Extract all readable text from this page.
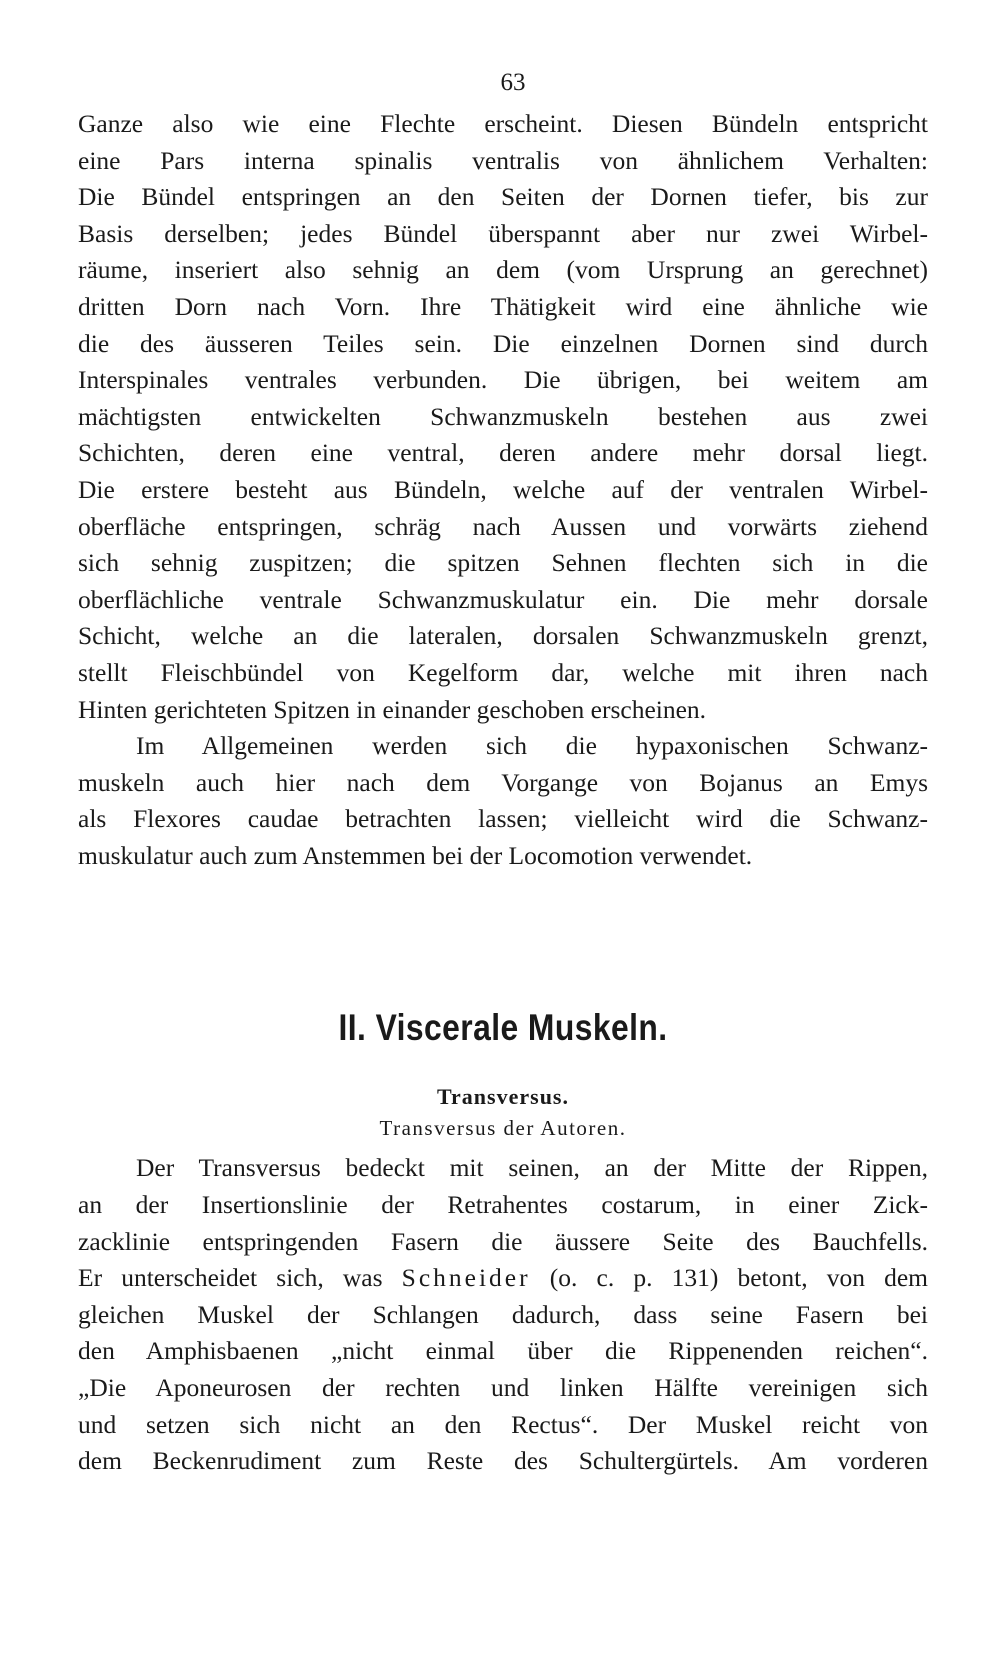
63
Ganze also wie eine Flechte erscheint. Diesen Bündeln entspricht
eine Pars interna spinalis ventralis von ähnlichem Verhalten:
Die Bündel entspringen an den Seiten der Dornen tiefer, bis zur
Basis derselben; jedes Bündel überspannt aber nur zwei Wirbel-
räume, inseriert also sehnig an dem (vom Ursprung an gerechnet)
dritten Dorn nach Vorn. Ihre Thätigkeit wird eine ähnliche wie
die des äusseren Teiles sein. Die einzelnen Dornen sind durch
Interspinales ventrales verbunden. Die übrigen, bei weitem am
mächtigsten entwickelten Schwanzmuskeln bestehen aus zwei
Schichten, deren eine ventral, deren andere mehr dorsal liegt.
Die erstere besteht aus Bündeln, welche auf der ventralen Wirbel-
oberfläche entspringen, schräg nach Aussen und vorwärts ziehend
sich sehnig zuspitzen; die spitzen Sehnen flechten sich in die
oberflächliche ventrale Schwanzmuskulatur ein. Die mehr dorsale
Schicht, welche an die lateralen, dorsalen Schwanzmuskeln grenzt,
stellt Fleischbündel von Kegelform dar, welche mit ihren nach
Hinten gerichteten Spitzen in einander geschoben erscheinen.
Im Allgemeinen werden sich die hypaxonischen Schwanz-
muskeln auch hier nach dem Vorgange von Bojanus an Emys
als Flexores caudae betrachten lassen; vielleicht wird die Schwanz-
muskulatur auch zum Anstemmen bei der Locomotion verwendet.
II. Viscerale Muskeln.
Transversus.
Transversus der Autoren.
Der Transversus bedeckt mit seinen, an der Mitte der Rippen,
an der Insertionslinie der Retrahentes costarum, in einer Zick-
zacklinie entspringenden Fasern die äussere Seite des Bauchfells.
Er unterscheidet sich, was Schneider (o. c. p. 131) betont, von dem
gleichen Muskel der Schlangen dadurch, dass seine Fasern bei
den Amphisbaenen „nicht einmal über die Rippenenden reichen“.
„Die Aponeurosen der rechten und linken Hälfte vereinigen sich
und setzen sich nicht an den Rectus“. Der Muskel reicht von
dem Beckenrudiment zum Reste des Schultergürtels. Am vorderen
